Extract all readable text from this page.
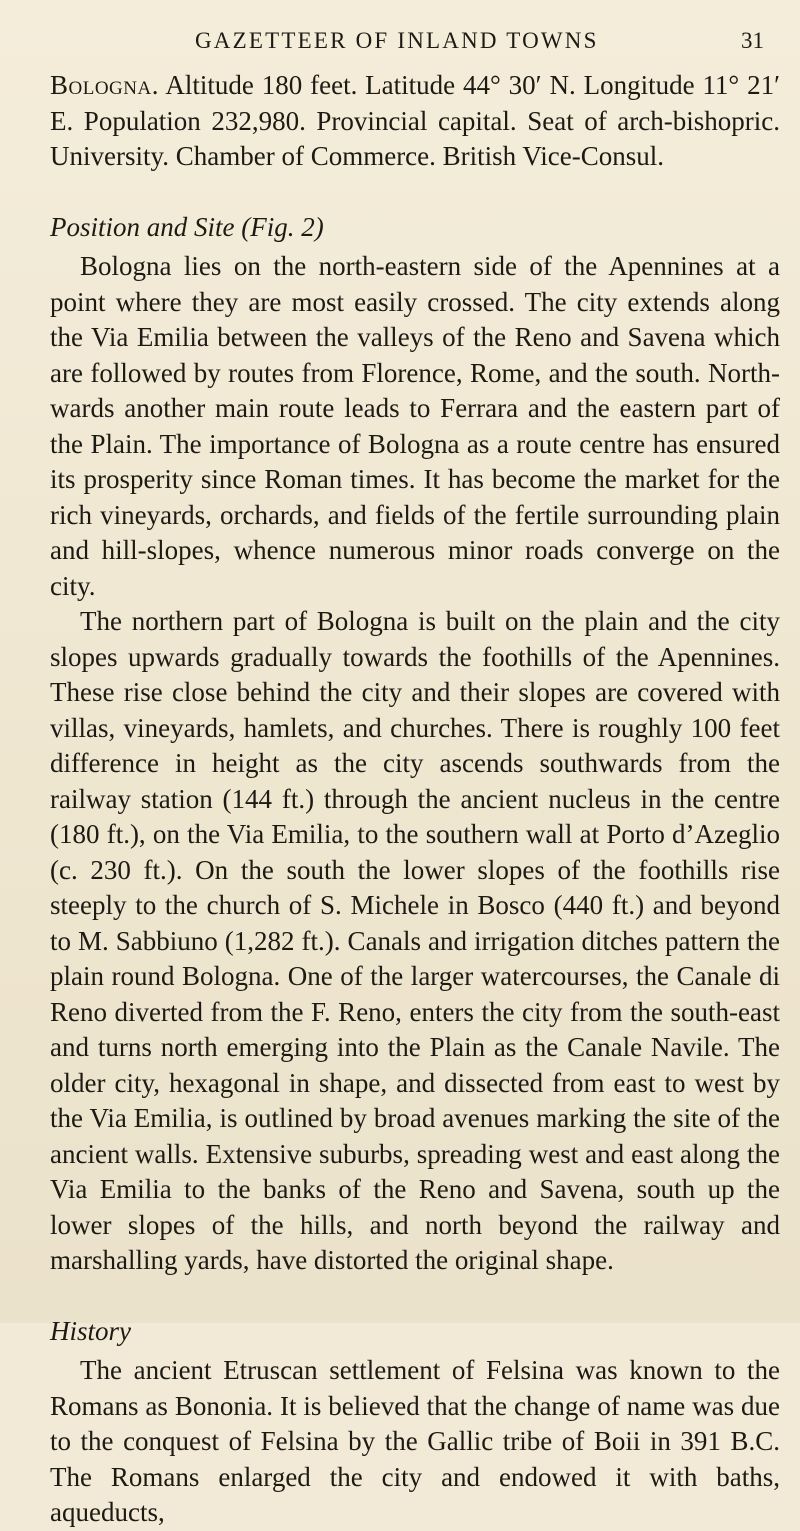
GAZETTEER OF INLAND TOWNS	31

Bologna. Altitude 180 feet. Latitude 44° 30′ N. Longitude 11° 21′ E. Population 232,980. Provincial capital. Seat of arch-bishopric. University. Chamber of Commerce. British Vice-Consul.

Position and Site (Fig. 2)

Bologna lies on the north-eastern side of the Apennines at a point where they are most easily crossed. The city extends along the Via Emilia between the valleys of the Reno and Savena which are followed by routes from Florence, Rome, and the south. North-wards another main route leads to Ferrara and the eastern part of the Plain. The importance of Bologna as a route centre has ensured its prosperity since Roman times. It has become the market for the rich vineyards, orchards, and fields of the fertile surrounding plain and hill-slopes, whence numerous minor roads converge on the city.

The northern part of Bologna is built on the plain and the city slopes upwards gradually towards the foothills of the Apennines. These rise close behind the city and their slopes are covered with villas, vineyards, hamlets, and churches. There is roughly 100 feet difference in height as the city ascends southwards from the railway station (144 ft.) through the ancient nucleus in the centre (180 ft.), on the Via Emilia, to the southern wall at Porto d’Azeglio (c. 230 ft.). On the south the lower slopes of the foothills rise steeply to the church of S. Michele in Bosco (440 ft.) and beyond to M. Sabbiuno (1,282 ft.). Canals and irrigation ditches pattern the plain round Bologna. One of the larger watercourses, the Canale di Reno diverted from the F. Reno, enters the city from the south-east and turns north emerging into the Plain as the Canale Navile. The older city, hexagonal in shape, and dissected from east to west by the Via Emilia, is outlined by broad avenues marking the site of the ancient walls. Extensive suburbs, spreading west and east along the Via Emilia to the banks of the Reno and Savena, south up the lower slopes of the hills, and north beyond the railway and marshalling yards, have distorted the original shape.

History

The ancient Etruscan settlement of Felsina was known to the Romans as Bononia. It is believed that the change of name was due to the conquest of Felsina by the Gallic tribe of Boii in 391 B.C. The Romans enlarged the city and endowed it with baths, aqueducts,
